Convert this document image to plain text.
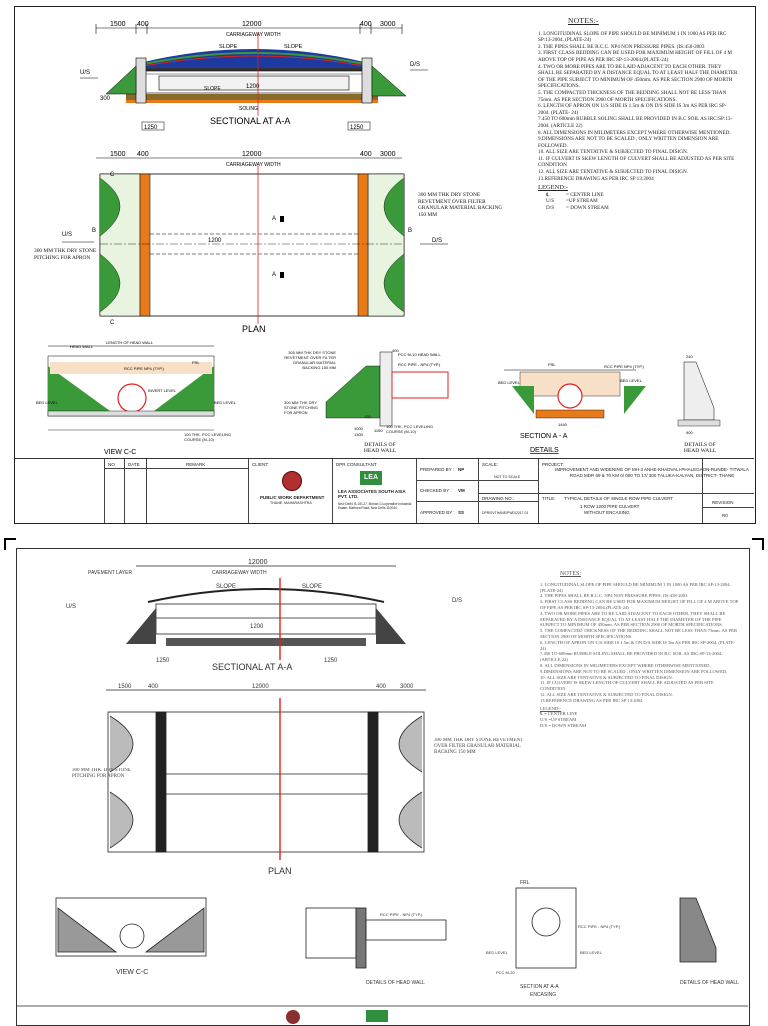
1500 400	12000	400 3000
CARRIAGEWAY WIDTH
SLOPE	SLOPE
1200
SOLING
SLOPE
U/S
D/S
300
1250	1250
SECTIONAL AT A-A
1500 400	12000	400 3000
CARRIAGEWAY WIDTH
1200
A
A
B
B
C
C
U/S
D/S
PLAN
300 MM THK DRY STONE REVETMENT OVER FILTER GRANULAR MATERIAL BACKING 150 MM
300 MM THK DRY STONE PITCHING FOR APRON
HEAD WALL
LENGTH OF HEAD WALL
RCC PIPE NP4 (TYP.)
FRL
INVERT LEVEL
BED LEVEL	BED LEVEL
100 THK. PCC LEVELING COURSE (M-10)
VIEW C-C
300 MM THK DRY STONE REVETMENT OVER FILTER GRANULAR MATERIAL BACKING 150 MM
300 MM THK DRY STONE PITCHING FOR APRON
400
PCC M-10 HEAD WALL
RCC PIPE - NP4 (TYP.)
120
1000	1150
1300
100 THK. PCC LEVELING COURSE (M-10)
DETAILS OF HEAD WALL
FRL
BED LEVEL	BED LEVEL
RCC PIPE NP4 (TYP.)
1440
SECTION A - A
DETAILS
240
900
DETAILS OF HEAD WALL
NOTES:-

1. LONGITUDINAL SLOPE OF PIPE SHOULD BE MINIMUM 1 IN 1000 AS PER IRC SP:13-2004. (PLATE-24)

2. THE PIPES SHALL BE R.C.C. NP4 NON PRESSURE PIPES. (IS:458-2003

3. FIRST CLASS BEDDING CAN BE USED FOR MAXIMUM HEIGHT OF FILL OF 4 M ABOVE TOP OF PIPE AS PER IRC SP-13-2004.(PLATE-24)

4. TWO OR MORE PIPES ARE TO BE LAID ADJACENT TO EACH OTHER. THEY SHALL BE SEPARATED BY A DISTANCE EQUAL TO AT LEAST HALF THE DIAMETER OF THE PIPE SUBJECT TO MINIMUM OF 450mm. AS PER SECTION 2900 OF MORTH SPECIFICATIONS.

5. THE COMPACTED THICKNESS OF THE BEDDING SHALL NOT BE LESS THAN 75mm. AS PER SECTION 2900 OF MORTH SPECIFICATIONS.

6. LENGTH OF APRON ON U/S SIDE IS 1.5m & ON D/S SIDE IS 3m AS PER IRC SP-2004. (PLATE- 24)

7.450 TO 600mm RUBBLE SOLING SHALL BE PROVIDED IN B.C SOIL AS IRC:SP:13-2004. (ARTICLE 22)

8. ALL DIMENSIONS IN MILIMETERS EXCEPT WHERE OTHERWISE MENTIONED.

9.DIMENSIONS ARE NOT TO BE SCALED , ONLY WRITTEN DIMENSION ARE FOLLOWED.

10. ALL SIZE ARE TENTATIVE & SUBJECTED TO FINAL DISIGN.

11. IF CULVERT IS SKEW LENGTH OF CULVERT SHALL BE ADJUSTED AS PER SITE CONDITION

12. ALL SIZE ARE TENTATIVE & SUBJECTED TO FINAL DISIGN.

13.REFERENCE DRAWING AS PER IRC SP 13:2004

LEGEND:-

℄	= CENTER LINE
U/S	=UP STREAM
D/S	= DOWN STREAM
NO	DATE	REMARK	CLIENT:
PUBLIC WORK DEPARTMENT
THANE, MAHARASHTRA
DPR CONSULTANT
LEA
LEA ASSOCIATES SOUTH ASIA PVT. LTD.
New Delhi, B-1/E-27, Mohan Co-operative Industrial Estate, Mathura Road, New Delhi-110044
PREPARED BY : NP
CHECKED BY : VM
APPROVED BY : SS
SCALE:
NOT TO SCALE
DRAWING NO.:
DPR/SVTHANE/PWD/2017-01
PROJECT:
IMPROVEMENT AND WIDENING OF MH-3 ANHE-KHADVALI-PHALEGAON-RUNDE- TITWALA ROAD MDR 69 & 70 KM 0/ 000 TO 17/ 300 TALUKA-KALYAN, DISTRICT- THANE
TITLE: TYPICAL DETAILS OF SINGLE ROW PIPE CULVERT
1 ROW 1200 PIPE CULVERT
WITHOUT ENCASING
REVISION
R0
12000
PAVEMENT LAYER	CARRIAGEWAY WIDTH
SLOPE	SLOPE
1200
1250	1250
U/S
D/S
SECTIONAL AT A-A
1500	400	12000	400 3000
PLAN
VIEW C-C
RCC PIPE - NP4 (TYP.)
DETAILS OF HEAD WALL
FRL
RCC PIPE - NP4 (TYP.)
BED LEVEL	BED LEVEL
PCC M-20
SECTION AT A-A
ENCASING
DETAILS OF HEAD WALL
300 MM THK. DRY STONE PITCHING FOR APRON
300 MM THK DRY STONE REVETMENT OVER FILTER GRANULAR MATERIAL BACKING 150 MM
NOTES:

1. LONGITUDINAL SLOPE OF PIPE SHOULD BE MINIMUM 1 IN 1000 AS PER IRC SP:13-2004. (PLATE-24)

2. THE PIPES SHALL BE R.C.C. NP4 NON PRESSURE PIPES. (IS:458-2003

3. FIRST CLASS BEDDING CAN BE USED FOR MAXIMUM HEIGHT OF FILL OF 4 M ABOVE TOP OF PIPE AS PER IRC SP-13-2004.(PLATE-24)

4. TWO OR MORE PIPES ARE TO BE LAID ADJACENT TO EACH OTHER. THEY SHALL BE SEPARATED BY A DISTANCE EQUAL TO AT LEAST HALF THE DIAMETER OF THE PIPE SUBJECT TO MINIMUM OF 450mm. AS PER SECTION 2900 OF MORTH SPECIFICATIONS.

5. THE COMPACTED THICKNESS OF THE BEDDING SHALL NOT BE LESS THAN 75mm. AS PER SECTION 2900 OF MORTH SPECIFICATIONS.

6. LENGTH OF APRON ON U/S SIDE IS 1.5m & ON D/S SIDE IS 3m AS PER IRC SP-2004. (PLATE- 24)

7.450 TO 600mm RUBBLE SOLING SHALL BE PROVIDED IN B.C SOIL AS IRC:SP:13-2004. (ARTICLE 22)

8. ALL DIMENSIONS IN MILIMETERS EXCEPT WHERE OTHERWISE MENTIONED.

9.DIMENSIONS ARE NOT TO BE SCALED , ONLY WRITTEN DIMENSION ARE FOLLOWED.

10. ALL SIZE ARE TENTATIVE & SUBJECTED TO FINAL DISIGN.

11. IF CULVERT IS SKEW LENGTH OF CULVERT SHALL BE ADJUSTED AS PER SITE CONDITION

12. ALL SIZE ARE TENTATIVE & SUBJECTED TO FINAL DISIGN.

13.REFERENCE DRAWING AS PER IRC SP 13:2004

LEGEND:-

℄ = CENTER LINE

U/S =UP STREAM

D/S = DOWN STREAM
